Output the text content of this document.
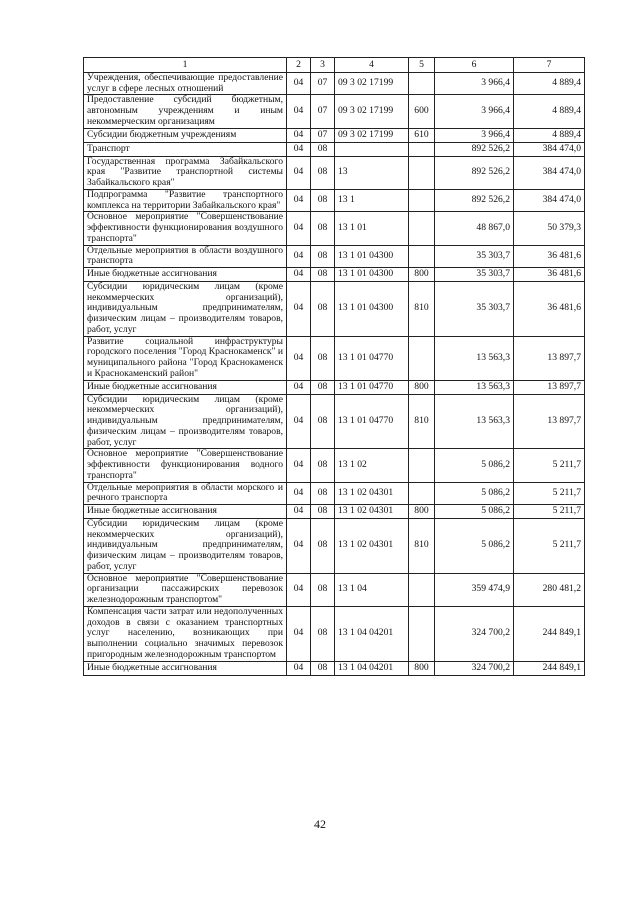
1	2	3	4	5	6	7
Учреждения, обеспечивающие предоставление услуг в сфере лесных отношений	04	07	09 3 02 17199		3 966,4	4 889,4
Предоставление субсидий бюджетным, автономным учреждениям и иным некоммерческим организациям	04	07	09 3 02 17199	600	3 966,4	4 889,4
Субсидии бюджетным учреждениям	04	07	09 3 02 17199	610	3 966,4	4 889,4
Транспорт	04	08			892 526,2	384 474,0
Государственная программа Забайкальского края "Развитие транспортной системы Забайкальского края"	04	08	13		892 526,2	384 474,0
Подпрограмма "Развитие транспортного комплекса на территории Забайкальского края"	04	08	13 1		892 526,2	384 474,0
Основное мероприятие "Совершенствование эффективности функционирования воздушного транспорта"	04	08	13 1 01		48 867,0	50 379,3
Отдельные мероприятия в области воздушного транспорта	04	08	13 1 01 04300		35 303,7	36 481,6
Иные бюджетные ассигнования	04	08	13 1 01 04300	800	35 303,7	36 481,6
Субсидии юридическим лицам (кроме некоммерческих организаций), индивидуальным предпринимателям, физическим лицам – производителям товаров, работ, услуг	04	08	13 1 01 04300	810	35 303,7	36 481,6
Развитие социальной инфраструктуры городского поселения "Город Краснокаменск" и муниципального района "Город Краснокаменск и Краснокаменский район"	04	08	13 1 01 04770		13 563,3	13 897,7
Иные бюджетные ассигнования	04	08	13 1 01 04770	800	13 563,3	13 897,7
Субсидии юридическим лицам (кроме некоммерческих организаций), индивидуальным предпринимателям, физическим лицам – производителям товаров, работ, услуг	04	08	13 1 01 04770	810	13 563,3	13 897,7
Основное мероприятие "Совершенствование эффективности функционирования водного транспорта"	04	08	13 1 02		5 086,2	5 211,7
Отдельные мероприятия в области морского и речного транспорта	04	08	13 1 02 04301		5 086,2	5 211,7
Иные бюджетные ассигнования	04	08	13 1 02 04301	800	5 086,2	5 211,7
Субсидии юридическим лицам (кроме некоммерческих организаций), индивидуальным предпринимателям, физическим лицам – производителям товаров, работ, услуг	04	08	13 1 02 04301	810	5 086,2	5 211,7
Основное мероприятие "Совершенствование организации пассажирских перевозок железнодорожным транспортом"	04	08	13 1 04		359 474,9	280 481,2
Компенсация части затрат или недополученных доходов в связи с оказанием транспортных услуг населению, возникающих при выполнении социально значимых перевозок пригородным железнодорожным транспортом	04	08	13 1 04 04201		324 700,2	244 849,1
Иные бюджетные ассигнования	04	08	13 1 04 04201	800	324 700,2	244 849,1
42
